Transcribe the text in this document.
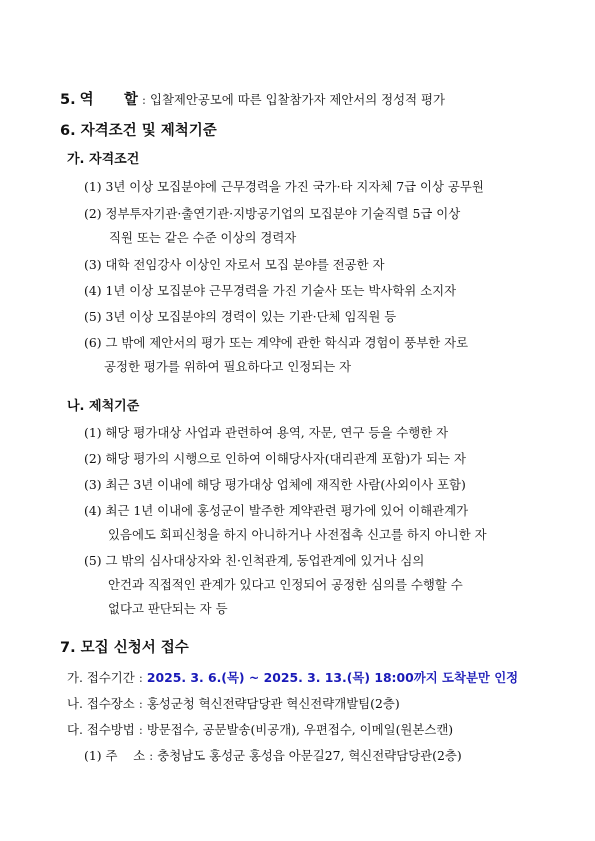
5. 역      할 : 입찰제안공모에 따른 입찰참가자 제안서의 정성적 평가
6. 자격조건 및 제척기준
가. 자격조건
(1) 3년 이상 모집분야에 근무경력을 가진 국가·타 지자체 7급 이상 공무원
(2) 정부투자기관·출연기관·지방공기업의 모집분야 기술직렬 5급 이상
직원 또는 같은 수준 이상의 경력자
(3) 대학 전임강사 이상인 자로서 모집 분야를 전공한 자
(4) 1년 이상 모집분야 근무경력을 가진 기술사 또는 박사학위 소지자
(5) 3년 이상 모집분야의 경력이 있는 기관·단체 임직원 등
(6) 그 밖에 제안서의 평가 또는 계약에 관한 학식과 경험이 풍부한 자로
공정한 평가를 위하여 필요하다고 인정되는 자
나. 제척기준
(1) 해당 평가대상 사업과 관련하여 용역, 자문, 연구 등을 수행한 자
(2) 해당 평가의 시행으로 인하여 이해당사자(대리관계 포함)가 되는 자
(3) 최근 3년 이내에 해당 평가대상 업체에 재직한 사람(사외이사 포함)
(4) 최근 1년 이내에 홍성군이 발주한 계약관련 평가에 있어 이해관계가
있음에도 회피신청을 하지 아니하거나 사전접촉 신고를 하지 아니한 자
(5) 그 밖의 심사대상자와 친·인척관계, 동업관계에 있거나 심의
안건과 직접적인 관계가 있다고 인정되어 공정한 심의를 수행할 수
없다고 판단되는 자 등
7. 모집 신청서 접수
가. 접수기간 : 2025. 3. 6.(목) ~ 2025. 3. 13.(목) 18:00까지 도착분만 인정
나. 접수장소 : 홍성군청 혁신전략담당관 혁신전략개발팀(2층)
다. 접수방법 : 방문접수, 공문발송(비공개), 우편접수, 이메일(원본스캔)
(1) 주    소 : 충청남도 홍성군 홍성읍 아문길27, 혁신전략담당관(2층)
